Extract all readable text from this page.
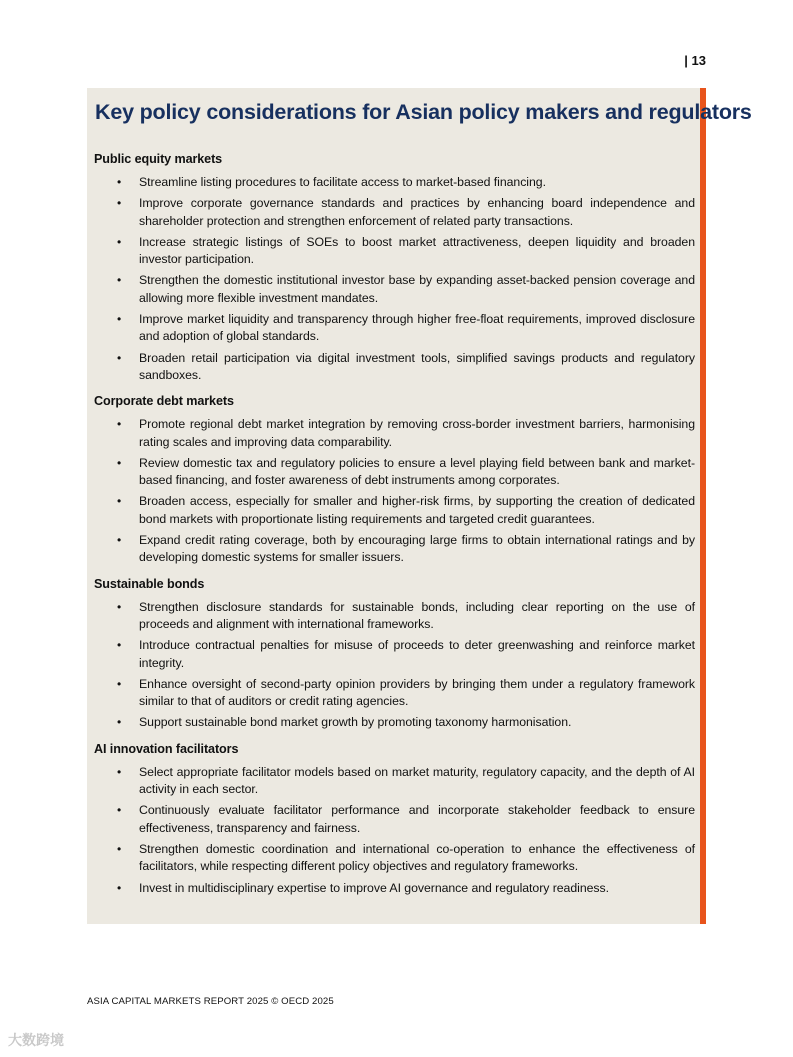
| 13
Key policy considerations for Asian policy makers and regulators
Public equity markets
• Streamline listing procedures to facilitate access to market-based financing.
• Improve corporate governance standards and practices by enhancing board independence and shareholder protection and strengthen enforcement of related party transactions.
• Increase strategic listings of SOEs to boost market attractiveness, deepen liquidity and broaden investor participation.
• Strengthen the domestic institutional investor base by expanding asset-backed pension coverage and allowing more flexible investment mandates.
• Improve market liquidity and transparency through higher free-float requirements, improved disclosure and adoption of global standards.
• Broaden retail participation via digital investment tools, simplified savings products and regulatory sandboxes.
Corporate debt markets
• Promote regional debt market integration by removing cross-border investment barriers, harmonising rating scales and improving data comparability.
• Review domestic tax and regulatory policies to ensure a level playing field between bank and market-based financing, and foster awareness of debt instruments among corporates.
• Broaden access, especially for smaller and higher-risk firms, by supporting the creation of dedicated bond markets with proportionate listing requirements and targeted credit guarantees.
• Expand credit rating coverage, both by encouraging large firms to obtain international ratings and by developing domestic systems for smaller issuers.
Sustainable bonds
• Strengthen disclosure standards for sustainable bonds, including clear reporting on the use of proceeds and alignment with international frameworks.
• Introduce contractual penalties for misuse of proceeds to deter greenwashing and reinforce market integrity.
• Enhance oversight of second-party opinion providers by bringing them under a regulatory framework similar to that of auditors or credit rating agencies.
• Support sustainable bond market growth by promoting taxonomy harmonisation.
AI innovation facilitators
• Select appropriate facilitator models based on market maturity, regulatory capacity, and the depth of AI activity in each sector.
• Continuously evaluate facilitator performance and incorporate stakeholder feedback to ensure effectiveness, transparency and fairness.
• Strengthen domestic coordination and international co-operation to enhance the effectiveness of facilitators, while respecting different policy objectives and regulatory frameworks.
• Invest in multidisciplinary expertise to improve AI governance and regulatory readiness.
ASIA CAPITAL MARKETS REPORT 2025 © OECD 2025
大数跨境
